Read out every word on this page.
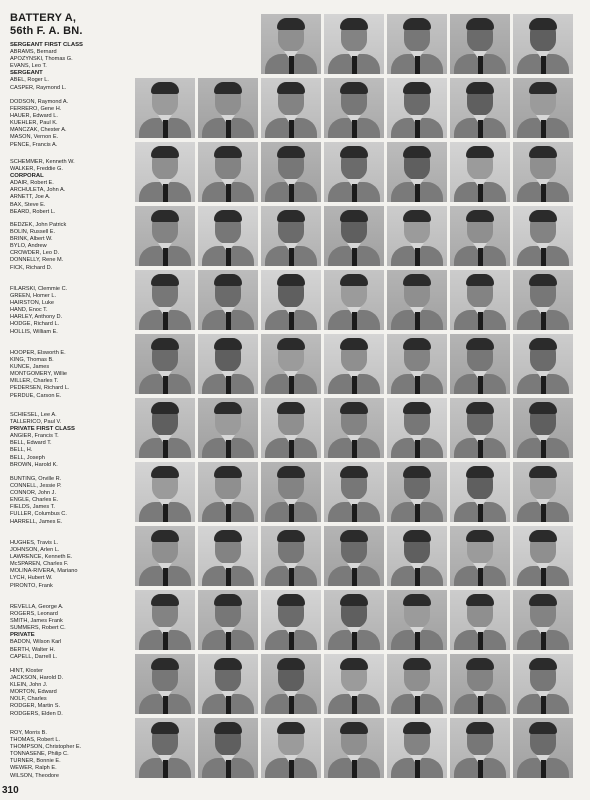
BATTERY A,
56th F. A. BN.
SERGEANT FIRST CLASS
ABRAMS, Bernard
APOZYNSKI, Thomas G.
EVANS, Leo T.
SERGEANT
ABEL, Roger L.
CASPER, Raymond L.
DODSON, Raymond A.
FERRERO, Gene H.
HAUER, Edward L.
KUEHLER, Paul K.
MANCZAK, Chester A.
MASON, Vernon E.
PENCE, Francis A.
SCHEMMER, Kenneth W.
WALKER, Freddie G.
CORPORAL
ADAIR, Robert E.
ARCHULETA, John A.
ARNETT, Joe A.
BAX, Steve E.
BEARD, Robert L.
BEDZEK, John Patrick
BOLIN, Russell E.
BRINK, Albert W.
BYLO, Andrew
CROWDER, Leo D.
DONNELLY, Rene M.
FICK, Richard D.
FILARSKI, Clemmie C.
GREEN, Homer L.
HAIRSTON, Luke
HAND, Enoc T.
HARLEY, Anthony D.
HODGE, Richard L.
HOLLIS, William E.
HOOPER, Elsworth E.
KING, Thomas B.
KUNCE, James
MONTGOMERY, Willie
MILLER, Charles T.
PEDERSEN, Richard L.
PERDUE, Carson E.
SCHIESEL, Lee A.
TALLERICO, Paul V.
PRIVATE FIRST CLASS
ANGIER, Francis T.
BELL, Edward T.
BELL, H.
BELL, Joseph
BROWN, Harold K.
BUNTING, Orville R.
CONNELL, Jessie P.
CONNOR, John J.
ENGLE, Charles E.
FIELDS, James T.
FULLER, Columbus C.
HARRELL, James E.
HUGHES, Travis L.
JOHNSON, Arlen L.
LAWRENCE, Kenneth E.
McSPAREN, Charles F.
MOLINA-RIVERA, Mariano
LYCH, Hubert W.
PIRONTO, Frank
REVELLA, George A.
ROGERS, Leonard
SMITH, James Frank
SUMMERS, Robert C.
PRIVATE
BADON, Wilson Karl
BERTH, Walter H.
CAPELL, Darrell L.
HINT, Kloster
JACKSON, Harold D.
KLEIN, John J.
MORTON, Edward
NOLF, Charles
RODGER, Martin S.
RODGERS, Elden D.
ROY, Morris B.
THOMAS, Robert L.
THOMPSON, Christopher E.
TONNASENE, Philip C.
TURNER, Bonnie E.
WEWER, Ralph E.
WILSON, Theodore
310
